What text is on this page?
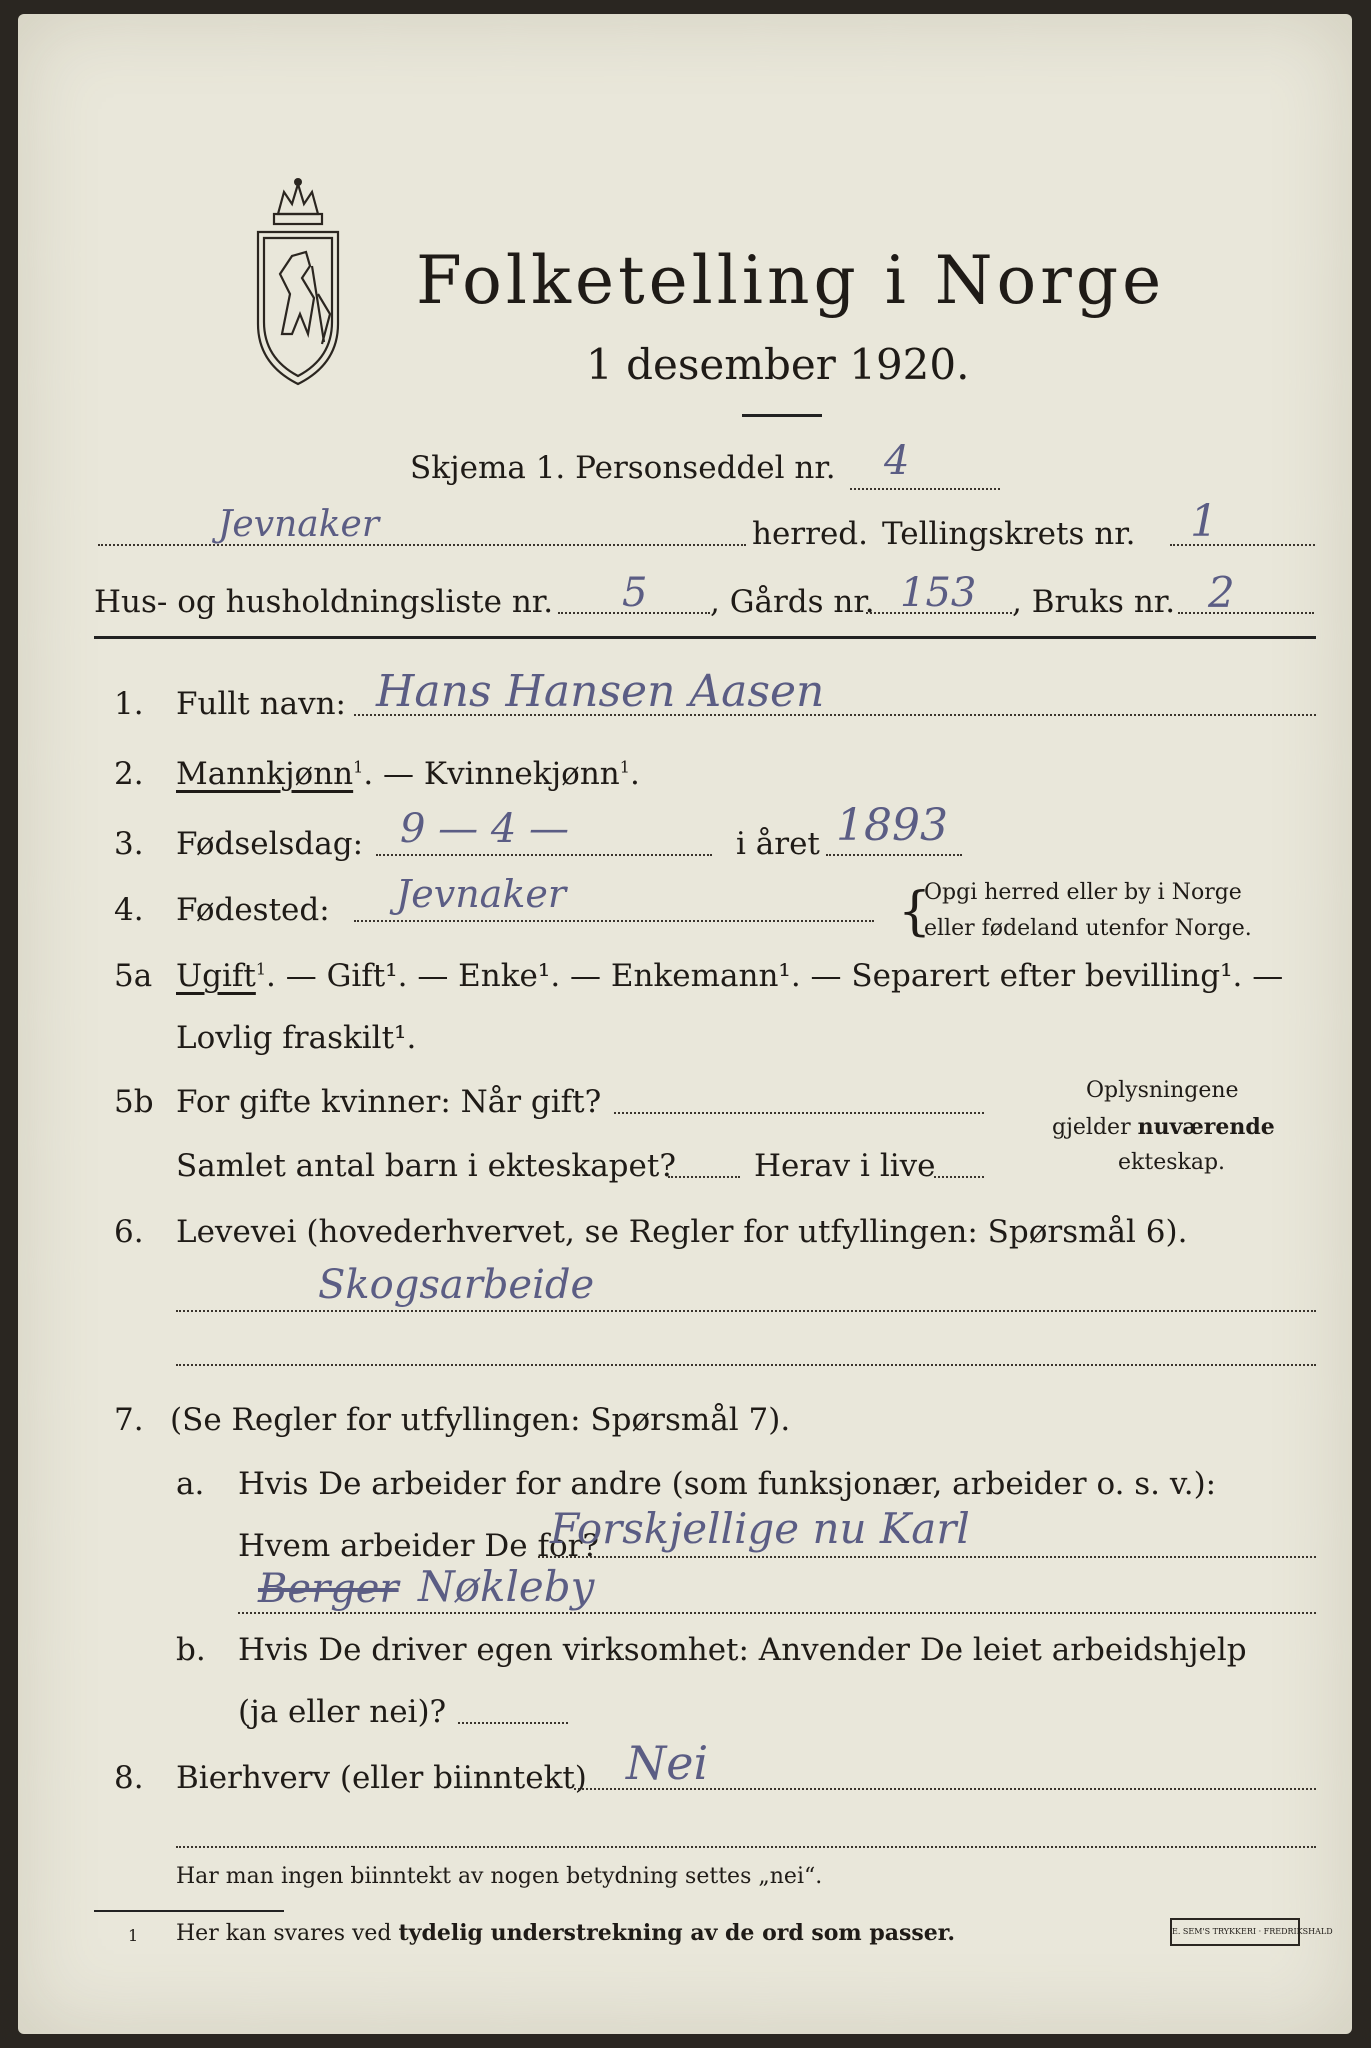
Folketelling i Norge
1 desember 1920.
Skjema 1. Personseddel nr. 4
Jevnaker	herred. Tellingskrets nr. 1
Hus- og husholdningsliste nr. 5 , Gårds nr. 153 , Bruks nr. 2
1. Fullt navn: Hans Hansen Aasen
2. Mannkjønn$^1$. — Kvinnekjønn$^1$.
3. Fødselsdag: 9 — 4 —	i året 1893
4. Fødested: Jevnaker	{
Opgi herred eller by i Norge
eller fødeland utenfor Norge.
5a Ugift$^1$. — Gift¹. — Enke¹. — Enkemann¹. — Separert efter bevilling¹. —
Lovlig fraskilt¹.
5b For gifte kvinner: Når gift?
Samlet antal barn i ekteskapet?	Herav i live
Oplysningene
gjelder nuværende
ekteskap.
6. Levevei (hovederhvervet, se Regler for utfyllingen: Spørsmål 6).
Skogsarbeide
7. (Se Regler for utfyllingen: Spørsmål 7).
a. Hvis De arbeider for andre (som funksjonær, arbeider o. s. v.):
Hvem arbeider De for?
Forskjellige nu Karl
Berger Nøkleby
b. Hvis De driver egen virksomhet: Anvender De leiet arbeidshjelp
(ja eller nei)?
8. Bierhverv (eller biinntekt) Nei
Har man ingen biinntekt av nogen betydning settes „nei“.
1 Her kan svares ved tydelig understrekning av de ord som passer.	E. SEM'S TRYKKERI · FREDRIKSHALD
